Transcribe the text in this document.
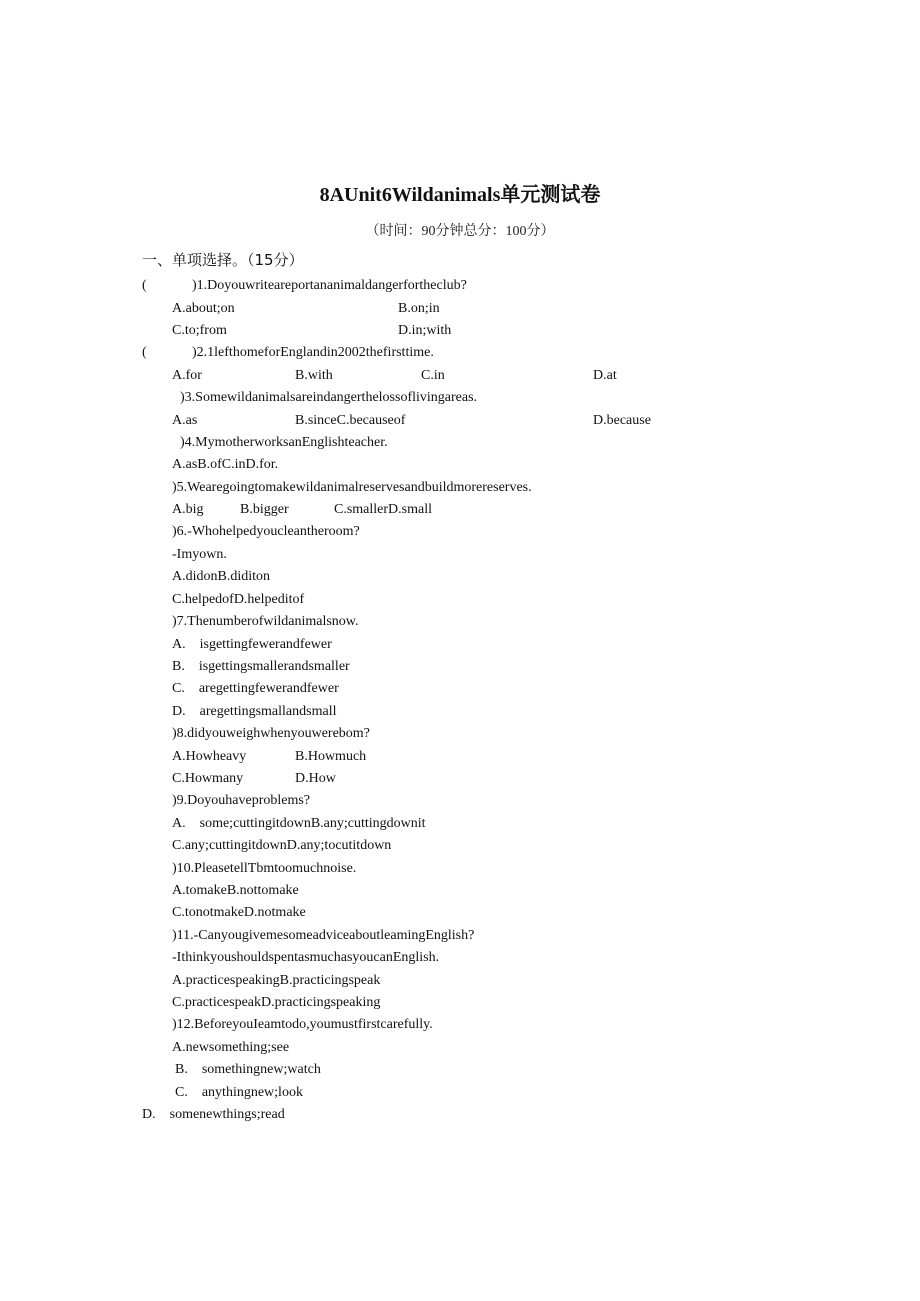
8AUnit6Wildanimals单元测试卷
（时间：90分钟总分：100分）
一、单项选择。（15分）
(	)1.Doyouwriteareportananimaldangerfortheclub?
A.about;on	B.on;in
C.to;from	D.in;with
(	)2.1lefthomeforEnglandin2002thefirsttime.
A.for	B.with	C.in	D.at
)3.Somewildanimalsareindangerthelossoflivingareas.
A.as	B.sinceC.becauseof	D.because
)4.MymotherworksanEnglishteacher.
A.asB.ofC.inD.for.
)5.Wearegoingtomakewildanimalreservesandbuildmorereserves.
A.big	B.bigger	C.smallerD.small
)6.-Whohelpedyoucleantheroom?
-Imyown.
A.didonB.diditon
C.helpedofD.helpeditof
)7.Thenumberofwildanimalsnow.
A. isgettingfewerandfewer
B. isgettingsmallerandsmaller
C. aregettingfewerandfewer
D. aregettingsmallandsmall
)8.didyouweighwhenyouwerebom?
A.Howheavy	B.Howmuch
C.Howmany	D.How
)9.Doyouhaveproblems?
A. some;cuttingitdownB.any;cuttingdownit
C.any;cuttingitdownD.any;tocutitdown
)10.PleasetellTbmtoomuchnoise.
A.tomakeB.nottomake
C.tonotmakeD.notmake
)11.-CanyougivemesomeadviceaboutleamingEnglish?
-IthinkyoushouldspentasmuchasyoucanEnglish.
A.practicespeakingB.practicingspeak
C.practicespeakD.practicingspeaking
)12.BeforeyouIeamtodo,youmustfirstcarefully.
A.newsomething;see
B. somethingnew;watch
C. anythingnew;look
D. somenewthings;read
